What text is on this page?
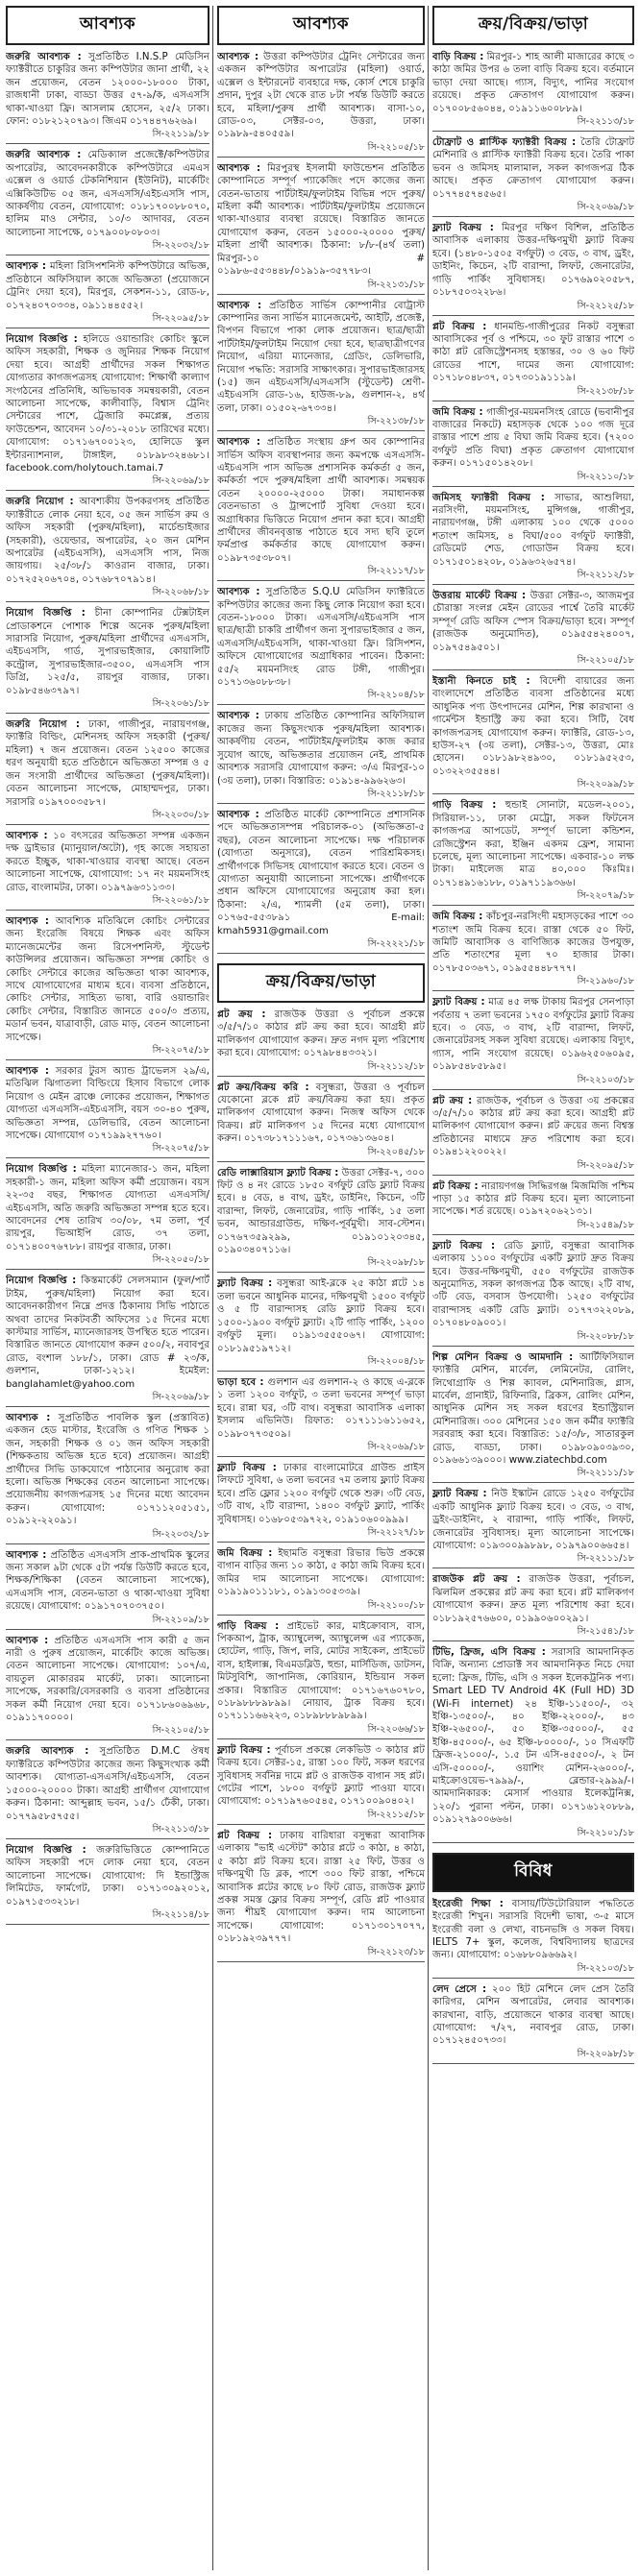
আবশ্যক

জরুরি আবশ্যক : সুপ্রতিষ্ঠিত I.N.S.P মেডিসিন ফ্যাক্টরীতে চাকুরির জন্য কম্পিউটার জানা প্রার্থী, ২২ জন প্রয়োজন, বেতন ১২০০০-১৮০০০ টাকা, রাজধানী ঢাকা, বাড্ডা উত্তর ৫৭-৯/ক, এসএসসি থাকা-খাওয়া ফ্রি। আসলাম হোসেন, ২৫/২ ঢাকা। ফোন: ০১৮২১২০৭৯৩। জিএম ০১৭৪৪৭৬২৬৯।

সি-২২১১৯/১৮

জরুরি আবশ্যক : মেডিক্যাল প্রজেক্টে/কম্পিউটার অপারেটর, আবেদনকারীকে কম্পিউটারে এমএস এক্সেল ও ওয়ার্ড টেকনিশিয়ান (ইউনিট), মার্কেটিং এক্সিকিউটিভ ০৫ জন, এসএসসি/এইচএসসি পাস, আকর্ষণীয় বেতন, যোগাযোগ: ০১৮১৭০০৮৮০৭০, হালিম মাও সেন্টার, ১০/৩ আদাবর, বেতন আলোচনা সাপেক্ষে, ০১৭৯০০৮০৮০৩।

সি-২২০৩২/১৮

আবশ্যক : মহিলা রিসিপশনিস্ট কম্পিউটারে অভিজ্ঞ, প্রতিষ্ঠানে অফিসিয়াল কাজে অভিজ্ঞতা (প্রয়োজনে ট্রেনিং দেয়া হবে), মিরপুর, সেকশন-১১, রোড-৮, ০১৭২৪০৭০৩৩৪, ০৯১১৪৪৫৫২।

সি-২২০৯৫/১৮

নিয়োগ বিজ্ঞপ্তি : হলিডে ওয়ান্ডারিং কোচিং স্কুলে অফিস সহকারী, শিক্ষক ও জুনিয়র শিক্ষক নিয়োগ দেয়া হবে। আগ্রহী প্রার্থীদের সকল শিক্ষাগত যোগ্যতার কাগজপত্রসহ যোগাযোগ: শিক্ষার্থী কাল্যাণ সংগঠনের প্রতিনিধি, অভিভাবক সমন্বয়কারী, বেতন আলোচনা সাপেক্ষে, কালীবাড়ি, বিশ্বাস ট্রেনিং সেন্টারের পাশে, ট্রেজারি কমপ্লেক্স, প্রত্যয় ফাউন্ডেশন, আবেদন ১০/৩১-২০১৮ তারিখের মধ্যে। যোগাযোগ: ০১৭১৬৭০০১২৩, হোলিডে স্কুল ইন্টারন্যাশনাল, টাঙ্গাইল, ০১৮৯৮৩২৪৬৮১। facebook.com/holytouch.tamai.7

সি-২২০৬৯/১৮

জরুরি নিয়োগ : আবশ্যকীয় উপকরণসহ প্রতিষ্ঠিত ফ্যাক্টরীতে লোক নেয়া হবে, ০৫ জন সার্ভিস রুম ও অফিস সহকারী (পুরুষ/মহিলা), মার্চেন্ডাইজার (সহকারী), ওয়েল্ডার, অপারেটর, ২০ জন মেশিন অপারেটর (এইচএসসি), এসএসসি পাস, নিজ জায়গায়। ২৫/৩৮/১ কাওরান বাজার, ঢাকা। ০১৭২৫২০৬৭০৪, ০১৭৬৮৭০৭৯১৪।

সি-২২০৬৮/১৮

নিয়োগ বিজ্ঞপ্তি : চীনা কোম্পানির টেক্সটাইল প্রোডাকশনে পোশাক শিল্পে অনেক পুরুষ/মহিলা সারাসরি নিয়োগ, পুরুষ/মহিলা প্রার্থীদের এসএসসি, এইচএসসি, গার্ড, সুপারভাইজার, কোয়ালিটি কন্ট্রোল, সুপারভাইজার-৩৫০০, এসএসসি পাস ডিগ্রি, ১২৫/৫, রায়পুর বাজার, ঢাকা। ০১৯৮৫৪৬৩৭৯৭।

সি-২২০৬১/১৮

জরুরি নিয়োগ : ঢাকা, গাজীপুর, নারায়ণগঞ্জ, ফ্যাক্টরি বিল্ডিং, মেশিনসহ অফিস সহকারী (পুরুষ/মহিলা) ৭ জন প্রয়োজন। বেতন ১২৫০০ কাজের ধরণ অনুযায়ী হতে প্রতিষ্ঠানে অভিজ্ঞতা সম্পন্ন ও ৫ জন সংসারী প্রার্থীদের অভিজ্ঞতা (পুরুষ/মহিলা)। বেতন আলোচনা সাপেক্ষে, মোহাম্মদপুর, ঢাকা। সরাসরি ০১৯৭০০৩৫৮৭।

সি-২২০৩০/১৮

আবশ্যক : ১০ বৎসরের অভিজ্ঞতা সম্পন্ন একজন দক্ষ ড্রাইভার (ম্যানুয়াল/অটো), গৃহ কাজে সহায়তা করতে ইচ্ছুক, থাকা-খাওয়ার ব্যবস্থা আছে। বেতন আলোচনা সাপেক্ষে, যোগাযোগ: ১৭ নং ময়মনসিংহ রোড, বাংলামটর, ঢাকা। ০১৯৭৯৬৩১১৩৩।

সি-২২০৬১/১৮

আবশ্যক : আবশ্যিক মতিঝিলে কোচিং সেন্টারের জন্য ইংরেজি বিষয়ে শিক্ষক এবং অফিস ম্যানেজমেন্টের জন্য রিসেপশনিস্ট, স্টুডেন্ট কাউন্সিলর প্রয়োজন। অভিজ্ঞতা সম্পন্ন কোচিং ও কোচিং সেন্টারে কাজের অভিজ্ঞতা থাকা আবশ্যক, সাথে যোগাযোগের মাধ্যম হবে। ব্যবসা প্রতিষ্ঠানে, কোচিং সেন্টার, সাহিত্য ভাষা, বারি ওয়ান্ডারিং কোচিং সেন্টার, বিস্তারিত জানতে ৫০০/৩ প্রত্যয়, মডার্ন ভবন, যাত্রাবাড়ী, রোড মাড়, বেতন আলোচনা সাপেক্ষে।

সি-২২০৭৫/১৮

আবশ্যক : সরকার টুরস অ্যান্ড ট্রাভেলস ২৯/এ, মতিঝিল ঝিগাতলা বিল্ডিংয়ে হিসাব বিভাগে লোক নিয়োগ ও মেইন ব্রাঞ্চে লোকের প্রয়োজন, শিক্ষাগত যোগ্যতা এসএসসি-এইচএসসি, বয়স ৩০-৪০ পুরুষ, অভিজ্ঞতা সম্পন্ন, ডেলিভারি, বেতন আলোচনা সাপেক্ষে। যোগাযোগ ০১৭১৯৯২৭৭৬০।

সি-২২০৭৫/১৮

নিয়োগ বিজ্ঞপ্তি : মহিলা ম্যানেজার-১ জন, মহিলা সহকারী-১ জন, মহিলা অফিস কর্মী প্রয়োজন। বয়স ২২-৩৫ বছর, শিক্ষাগত যোগ্যতা এসএসসি/এইচএসসি, অতি জরুরি অভিজ্ঞতা সম্পন্ন হতে হবে। আবেদনের শেষ তারিখ ৩০/০৮, ৭ম তলা, পূর্ব রায়পুর, ভিআইপি রোড, ৩৭ তলা, ০১৭১৪০০৭৬৭৮৮। রায়পুর বাজার, ঢাকা।

সি-২২০৫০/১৮

নিয়োগ বিজ্ঞপ্তি : কিস্তমার্কেট সেলসম্যান (ফুল/পার্ট টাইম, পুরুষ/মহিলা) নিয়োগ করা হবে। আবেদনকারীগণ নিম্নে প্রদত্ত ঠিকানায় সিভি পাঠাতে অথবা তাদের নিকটবর্তী অফিসের ১৫ দিনের মধ্যে কাস্টমার সার্ভিস, ম্যানেজারসহ উপস্থিত হতে পারেন। বিস্তারিত জানতে যোগাযোগ করুন ৫০০/২, নবাবপুর রোড, বংশাল ১৮৮/১, ঢাকা। রোড # ২৩/ক, গুলশান, ঢাকা-১২১২। ইমেইল: banglahamlet@yahoo.com

সি-২২০৬৯/১৮

আবশ্যক : সুপ্রতিষ্ঠিত পাবলিক স্কুল (প্রস্তাবিত) একজন হেড মাস্টার, ইংরেজি ও গণিত শিক্ষক ১ জন, সহকারী শিক্ষক ও ০১ জন অফিস সহকারী (শিক্ষকতায় অভিজ্ঞ হতে হবে) প্রয়োজন। আগ্রহী প্রার্থীদের সিভি ডাকযোগে পাঠানোর অনুরোধ করা হলো। অভিজ্ঞ শিক্ষকের বেতন আলোচনা সাপেক্ষে। প্রয়োজনীয় কাগজপত্রসহ ১৫ দিনের মধ্যে আবেদন করুন। যোগাযোগ: ০১৭১১২০৫১৫১, ০১৯১২-২২০৯১।

সি-২২০৩২/১৮

আবশ্যক : প্রতিষ্ঠিত এসএসসি প্রাক-প্রাথমিক স্কুলের জন্য সকাল ৯টা থেকে ৫টা পর্যন্ত ডিউটি করতে হবে, শিক্ষক/শিক্ষিকা (বেতন আলোচনা সাপেক্ষে), এসএসসি পাস, বেতন-ভাতা ও থাকা-খাওয়া সুবিধা রয়েছে। যোগাযোগ: ০১৯১৭০৭০৩৭৫০।

সি-২২১০৯/১৮

আবশ্যক : প্রতিষ্ঠিত এসএসসি পাস কারী ৫ জন নারী ও পুরুষ প্রয়োজন, মার্কেটিং কাজে অভিজ্ঞ। বেতন আলোচনা সাপেক্ষে। যোগাযোগ: ১০৭/এ, বায়তুল মোকাররম মার্কেট, ঢাকা। আলোচনা সাপেক্ষে, সরকারি/বেসরকারি ও ব্যবসা প্রতিষ্ঠানের সকল কর্মী নিয়োগ দেয়া হবে। ০১৭১৮৬০৬৯৬৮, ০১৯১১৭০০০০।

সি-২২১০৫/১৮

জরুরি আবশ্যক : সুপ্রতিষ্ঠিত D.M.C ঔষধ ফ্যাক্টরিতে কম্পিউটার কাজের জন্য কিছুসংখ্যক কর্মী আবশ্যক। যোগ্যতা-এসএসসি/এইচএসসি, বেতন ১৫০০০-২০০০০ টাকা। আগ্রহী প্রার্থীগণ যোগাযোগ করুন। ঠিকানা: আব্দুল্লাহ ভবন, ১৫/১ ঢেঁকী, ঢাকা। ০১৭৭৯৫৮৫৭৫৫।

সি-২২১১৩/১৮

নিয়োগ বিজ্ঞপ্তি : জরুরিভিত্তিতে কোম্পানিতে অফিস সহকারী পদে লোক নেয়া হবে, বেতন আলোচনা সাপেক্ষে। যোগাযোগ: দি ইন্ডাস্ট্রিজ লিমিটেড, ফার্মগেট, ঢাকা। ০১৭১৩০৯২০১২, ০১৯৭১৫৩৩২১৮।

সি-২২১১৪/১৮
আবশ্যক

আবশ্যক : উত্তরা কম্পিউটার ট্রেনিং সেন্টারের জন্য একজন কম্পিউটার অপারেটর (মহিলা) ওয়ার্ড, এক্সেল ও ইন্টারনেট ব্যবহারে দক্ষ, কোর্স শেষে চাকুরি প্রদান, দুপুর ২টা থেকে রাত ৮টা পর্যন্ত ডিউটি করতে হবে, মহিলা/পুরুষ প্রার্থী আবশ্যক। বাসা-১০, রোড-০৩, সেক্টর-০৩, উত্তরা, ঢাকা। ০১৯৮৯-৫৪০৫৫৯।

সি-২২১০৫/১৮

আবশ্যক : মিরপুরস্থ ইসলামী ফাউন্ডেশন প্রতিষ্ঠিত কোম্পানিতে সম্পূর্ণ প্যাকেজিং পদে কাজের জন্য বেতন-ভাতায় পার্টটাইম/ফুলটাইম বিভিন্ন পদে পুরুষ/মহিলা কর্মী আবশ্যক। পার্টটাইম/ফুলটাইম প্রয়োজনে থাকা-খাওয়ার ব্যবস্থা রয়েছে। বিস্তারিত জানতে যোগাযোগ করুন, বেতন ১৫০০০-২০০০০ পুরুষ/মহিলা প্রার্থী আবশ্যক। ঠিকানা: ৮/৮-(৪র্থ তলা) মিরপুর-১০ # ০১৯৮৬-৫৫৩৪৪৮/০১৯১৯-৩৫৭৭৮৩।

সি-২২১৩১/১৮

আবশ্যক : প্রতিষ্ঠিত সার্ভিস কোম্পানীর বোট্রাস্ট কোম্পানির জন্য সার্ভিস ম্যানেজমেন্ট, আইটি, প্রজেক্ট, বিপণন বিভাগে পাকা লোক প্রয়োজন। ছাত্র/ছাত্রী পার্টটাইম/ফুলটাইম নিয়োগ দেয়া হবে, ছাত্রছাত্রীগণের নিয়োগ, এরিয়া ম্যানেজার, গ্রেডিং, ডেলিভারি, নিয়োগ পদ্ধতি: সরাসরি সাক্ষাৎকার। সুপারভাইজারসহ (১৫) জন এইচএসসি/এসএসসি (স্টুডেন্ট) শ্রেণী-এইচএসসি রোড-১৬, হাউজ-৮৯, গুলশান-২, ৪র্থ তলা, ঢাকা। ০১৫০২-৬৭৩৩৪।

সি-২২১৩৮/১৮

আবশ্যক : প্রতিষ্ঠিত সংস্থায় গ্রুপ অব কোম্পানির সার্ভিস অফিস ব্যবস্থাপনার জন্য কমপক্ষে এসএসসি-এইচএসসি পাস অভিজ্ঞ প্রশাসনিক কর্মকর্তা ৫ জন, কর্মকর্তা পদে পুরুষ/মহিলা প্রার্থী আবশ্যক। সমন্বয়ক বেতন ২০০০০-২৫০০০ টাকা। সমাধানকল্প বেতনভাতা ও ট্রান্সপোর্ট সুবিধা দেওয়া হবে। অগ্রাধিকার ভিত্তিতে নিয়োগ প্রদান করা হবে। আগ্রহী প্রার্থীদের জীবনবৃত্তান্ত পাঠাতে হবে সদ্য ছবি তুলে ফর্মপ্রাপ্ত কর্মকর্তার কাছে যোগাযোগ করুন। ০১৯৮৭৩৫৩৮০৭।

সি-২২১১৭/১৮

আবশ্যক : সুপ্রতিষ্ঠিত S.Q.U মেডিসিন ফ্যাক্টরিতে কম্পিউটার কাজের জন্য কিছু লোক নিয়োগ করা হবে। বেতন-১৮০০০ টাকা। এসএসসি/এইচএসসি পাস ছাত্র/ছাত্রী চাকরি প্রার্থীগণ জন্য সুপারভাইজার ৫ জন, এসএসসি/এইচএসসি, থাকা-খাওয়া ফ্রি। রিসিপশন, অফিসে যোগাযোগের অগ্রাধিকার পাবেন। ঠিকানা: ৫৫/২ ময়মনসিংহ রোড টঙ্গী, গাজীপুর। ০১৭১৩৬০৮৮৩৮।

সি-২২১০৪/১৮

আবশ্যক : ঢাকায় প্রতিষ্ঠিত কোম্পানির অফিসিয়াল কাজের জন্য কিছুসংখ্যক পুরুষ/মহিলা আবশ্যক। আকর্ষণীয় বেতন, পার্টটাইম/ফুলটাইম কাজ করার সুযোগ আছে, অভিজ্ঞতার প্রয়োজন নেই, প্রাথমিক আবশ্যক সরাসরি যোগাযোগ করুন: ৩/এ মিরপুর-১০ (৩য় তলা), ঢাকা। বিস্তারিত: ০১৯১৪-৯৯৬২৬৩।

সি-২২১১৮/১৮

আবশ্যক : প্রতিষ্ঠিত মার্কেট কোম্পানিতে প্রশাসনিক পদে অভিজ্ঞতাসম্পন্ন পরিচালক-০১ (অভিজ্ঞতা-৫ বছর), বেতন আলোচনা সাপেক্ষে। দক্ষ পরিচালক (যোগ্যতা অনুসারে), বেতন পারিশ্রমিকসহ। প্রার্থীগণকে সিভিসহ যোগাযোগ করতে হবে। বেতন ও যোগ্যতা অনুযায়ী আলোচনা সাপেক্ষে। প্রার্থীগণকে প্রধান অফিসে যোগাযোগের অনুরোধ করা হল। ঠিকানা: ২/এ, শ্যামলী (৫ম তলা), ঢাকা। ০১৭৬৫-৫৫৩৮৯১	E-mail: kmah5931@gmail.com

সি-২২২২১/১৮
ক্রয়/বিক্রয়/ভাড়া

প্লট ক্রয় : রাজউক উত্তরা ও পূর্বাচল প্রকল্পে ৩/৫/৭/১০ কাঠার প্লট ক্রয় করা হবে। আগ্রহী প্লট মালিকগণ যোগাযোগ করুন। দ্রুত নগদ মূল্য পরিশোধ করা হবে। যোগাযোগ: ০১৭৯৮৪৪৩৩২১।

সি-২২১১২/১৮

প্লট ক্রয়/বিক্রয় করি : বসুন্ধরা, উত্তরা ও পূর্বাচল যেকোনো ব্লকে প্লট ক্রয়/বিক্রয় করা হয়। প্রকৃত মালিকগণ যোগাযোগ করুন। নিজস্ব অফিস থেকে বিক্রয়। প্লট মালিকগণ ১৫ দিনের মধ্যে যোগাযোগ করুন। ০১৭৩৮১৭১১১৬৭, ০১৭৩৬১৩৬০৪।

সি-২২০৪৫/১৮

রেডি লাক্সারিয়াস ফ্ল্যাট বিক্রয় : উত্তরা সেক্টর-৭, ৩০০ ফিট ও ৪ নং রোডে ১৮৫০ বর্গফুট রেডি ফ্ল্যাট বিক্রয় হবে। ৪ বেড, ৪ বাথ, ড্রইং, ডাইনিং, কিচেন, ৩টি বারান্দা, লিফট, জেনারেটর, গাড়ি পার্কিং, ১৫ তলা ভবন, আন্ডারগ্রাউন্ড, দক্ষিণ-পূর্বমুখী। সাব-স্টেশন। ০১৭৬৭৩৫৯২৯৯, ০১৯১০১২০৩৪৫, ০১৯০৩৪০৭১১৬।

সি-২২০৯৮/১৮

ফ্ল্যাট বিক্রয় : বসুন্ধরা আই-ব্লকে ২৫ কাঠা প্লটে ১৪ তলা ভবনে আধুনিক মানের, দক্ষিণমুখী ১৫০০ বর্গফুট ও ৫ টি বারান্দাসহ রেডি ফ্ল্যাট বিক্রয় হবে। ১৫০০-১৯০০ বর্গফুট ফ্ল্যাট। ২টি গাড়ি পার্কিং, ১২০০ বর্গফুট মূল্য। ০১৯১৩৫৫৫০৬৭। যোগাযোগ: ০১৮১৯৫১৯৭১২।

সি-২২০০৪/১৮

ভাড়া হবে : গুলশান এর গুলশান-২ ও কাছে এ-ব্লকে ১ তলা ১২০০ বর্গফুট, ৩ তলা ভবনের সম্পূর্ণ ভাড়া হবে। রান্না ঘর, ৩টি বাথ। বসুন্ধরা আবাসিক এলাকা ইসলাম এভিনিউ। রিফাত: ০১৭১১১৬১১৬৫২, ০১৯৮০৭৭৩৫০৯।

সি-২২০৬৯/১৮

ফ্ল্যাট বিক্রয় : ঢাকার বাংলামোটরে গ্রাউন্ড প্রাইস লিফটে সুবিধা, ৬ তলা ভবনের ৭ম তলায় ফ্ল্যাট বিক্রয় হবে। প্রতি ফ্লোর ১২০০ বর্গফুট থেকে শুরু। ৩টি বেড, ৩টি বাথ, ২টি বারান্দা, ১৪০০ বর্গফুট ফ্ল্যাট, পার্কিং সুবিধাসহ। ০১৬৮০৫৩৯৭২২, ০১৯১০৬০০৯৯৯।

সি-২২১২৭/১৮

জমি বিক্রয় : ইছামতি বসুন্ধরা রিভার ভিউ প্রকল্পে বাগান বাড়ির জন্য ১০ কাঠা, ৫ কাঠা জমি বিক্রয় হবে। জমির দাম আলোচনা সাপেক্ষে। যোগাযোগ: ০১৯১৯০১১১৮১, ০১৯১৩০৫৩৩৯।

সি-২২১০০/১৮

গাড়ি বিক্রয় : প্রাইভেট কার, মাইক্রোবাস, বাস, পিকআপ, ট্রাক, অ্যাম্বুলেন্স, অ্যাম্বুলেন্স এর প্যাকেজ, হোটেল, গাড়ি, জিপ, লরি, মোটর সাইকেল, প্রাইভেট বাস, হাইলাক্স, বিএমডব্লিউ, হুন্ডা, মার্সিডিজ, ডাটসন, মিটসুবিশি, জাপানিজ, কোরিয়ান, ইন্ডিয়ান সকল প্রকার। বিস্তারিত যোগাযোগ: ০১৭১৬৭৬০৭৮০, ০১৮৯৮৮৮৯৮৯৯। নোয়াব, ট্রাক বিক্রয় হবে। ০১৭১১১৬৬২২৩, ০১৮৯৮৮৮৯৮৯৯।

সি-২২০৬৬/১৮

ফ্ল্যাট বিক্রয় : পূর্বাচল প্রকল্পে লেকভিউ ৩ কাঠার প্লট বিক্রয় হবে। সেক্টর-১৫, রাস্তা ১০০ ফিট, সকল ধরণের সুবিধাসহ সর্বনিম্ন দামে প্লট ও রাজউক বাগান সহ প্লট। গেটের পাশে, ১৮০০ বর্গফুট ফ্ল্যাট পাওয়া যাবে। যোগাযোগ: ০১৭১৯৭৬০৫৪৫, ০১৭১০০৯০৪০২।

সি-২২১১৫/১৮

প্লট বিক্রয় : ঢাকায় বারিধারা বসুন্ধরা আবাসিক এলাকায় "ভাই এস্টেট" কাঠার প্লটে ৩ কাঠা, ৪ কাঠা, ৫ কাঠা প্লট বিক্রয় হবে। রাস্তা ২৫ ফিট, উত্তর ও দক্ষিণমুখী ডি ব্লক, পাশে ৩০০ ফিট রাস্তা, পশ্চিমে আবাসিক প্লটের কাছে ৮০ ফিট রোড, রাজউক ফ্ল্যাট প্রকল্প সমস্ত ফ্লোর বিক্রয় সম্পূর্ণ, রেডি প্লট পাওয়ার জন্য শীঘ্রই যোগাযোগ করুন। দাম আলোচনা সাপেক্ষে। যোগাযোগ: ০১৭১৩০১৭০৭৭, ০১৮১৯২৩৯৭৭৭।

সি-২২১২৩/১৮
ক্রয়/বিক্রয়/ভাড়া

বাড়ি বিক্রয় : মিরপুর-১ শাহ আলী মাজারের কাছে ৩ কাঠা জমির উপর ৬ তলা বাড়ি বিক্রয় হবে। বর্তমানে ভাড়া দেয়া আছে। গ্যাস, বিদ্যুৎ, পানির সংযোগ রয়েছে। প্রকৃত ক্রেতাগণ যোগাযোগ করুন। ০১৭০০৮৫৬০৪৪, ০১৯১১৬০০৮৮৯।

সি-২২১১৩/১৮

টোফ্রাট ও প্লাস্টিক ফ্যাক্টরী বিক্রয় : তৈরি টোফ্রাট মেশিনারি ও প্লাস্টিক ফ্যাক্টরী বিক্রয় হবে। তৈরি পাকা ভবন ও জমিসহ মালামাল, সকল কাগজপত্র ঠিক আছে। প্রকৃত ক্রেতাগণ যোগাযোগ করুন। ০১৭৭৪৫৭৪৫৬৫।

সি-২২০৬৯/১৮

ফ্ল্যাট বিক্রয় : মিরপুর দক্ষিণ বিশিল, প্রতিষ্ঠিত আবাসিক এলাকায় উত্তর-দক্ষিণমুখী ফ্ল্যাট বিক্রয় হবে। (১৪৮০-১৫০৫ বর্গফুট) ৩ বেড, ৩ বাথ, ড্রইং, ডাইনিং, কিচেন, ২টি বারান্দা, লিফট, জেনারেটর, গাড়ি পার্কিং সুবিধাসহ। ০১৭৬৯০২০৫৮৭, ০১৮৭৫০৩২২৮৬।

সি-২২১২৫/১৮

প্লট বিক্রয় : ধানমন্ডি-গাজীপুরের নিকট বসুন্ধরা আবাসিকের পূর্ব ও পশ্চিমে, ৩০ ফুট রাস্তার পাশে ৩ কাঠা প্লট রেজিস্ট্রেশনসহ হস্তান্তর, ৩০ ও ৬০ ফিট রোডের পাশে, দামের জন্য যোগাযোগ: ০১৭১৮০৪৮৩৭, ০১৭৩০১৯১১১৯।

সি-২২১৩৮/১৮

জমি বিক্রয় : গাজীপুর-ময়মনসিংহ রোডে (ভবানীপুর বাজারের নিকটে) মহাসড়ক থেকে ১০০ গজ দূরে রাস্তার পাশে প্রায় ৫ বিঘা জমি বিক্রয় হবে। (৭২০০ বর্গফুট প্রতি বিঘা) প্রকৃত ক্রেতাগণ যোগাযোগ করুন। ০১৭১৫০১৪২০৮।

সি-২২১১০/১৮

জমিসহ ফ্যাক্টরী বিক্রয় : সাভার, আশুলিয়া, নরসিংদী, ময়মনসিংহ, মুন্সিগঞ্জ, গাজীপুর, নারায়ণগঞ্জ, টঙ্গী এলাকায় ১০০ থেকে ৫০০০ শতাংশ জমিসহ, ৪ বিঘা/৫০০ বর্গফুট ফ্যাক্টরী, রেডিমেট শেড, গোডাউন বিক্রয় হবে। ০১৭১৫০১৪২০৮, ০১৯৬৩২৬৫৭৪।

সি-২২১১২/১৮

উত্তরায় মার্কেট বিক্রয় : উত্তরা সেক্টর-৩, আজমপুর চৌরাস্তা সংলগ্ন মেইন রোডের পার্শ্বে তৈরি মার্কেট সম্পূর্ণ রেডি অফিস স্পেস বিক্রয়/ভাড়া হবে। সম্পূর্ণ (রাজউক অনুমোদিত), ০১৯৫৫৪২৪০০৭, ০১৯৭৫৪৯৫০১।

সি-২২১০৫/১৮

ইস্তানী কিনতে চাই : বিদেশী বায়ারের জন্য বাংলাদেশে প্রতিষ্ঠিত ব্যবসা প্রতিষ্ঠানের মধ্যে আধুনিক পণ্য উৎপাদনের মেশিন, শিল্প কারখানা ও গার্মেন্টস ইন্ডাস্ট্রি ক্রয় করা হবে। সিটি, বৈধ কাগজপত্রসহ যোগাযোগ করুন। ফ্যাক্টরি, রোড-১৩, হাউস-২৭ (৩য় তলা), সেক্টর-১৩, উত্তরা, মোঃ হোসেন। ০১৮১৯৮২৪৯৩০, ০১৮১৯৫২৫৩, ০১৩২২৩৫৫৪৪।

সি-২২০৯৯/১৮

গাড়ি বিক্রয় : হুন্ডাই সোনাটা, মডেল-২০০১, সিরিয়াল-১১, ঢাকা মেট্রো, সকল ফিটনেস কাগজপত্র আপডেট, সম্পূর্ণ ভালো কন্ডিশন, রেজিস্ট্রেশন করা, ইঞ্জিন একদম ফ্রেশ, সামান্য চলেছে, মূল্য আলোচনা সাপেক্ষে। একবার-১০ লক্ষ টাকা। মাইলেজ মাত্র ৪০,০০০ কিঃমিঃ। ০১৭১৪৯১৬১৮৮, ০১৯৭১১৯৩৬৬।

সি-২২০৭৯/১৮

জমি বিক্রয় : কাঁচপুর-নরসিংদী মহাসড়কের পাশে ৩০ শতাংশ জমি বিক্রয় হবে। রাস্তা থেকে ৫০ ফিট, জমিটি আবাসিক ও বাণিজ্যিক কাজের উপযুক্ত, প্রতি শতাংশের মূল্য ৭০ হাজার টাকা। ০১৭৮৫০৩৬৭১, ০১৯৫৫৪৪৮৭৭৭।

সি-২১৯৬০/১৮

ফ্ল্যাট বিক্রয় : মাত্র ৪৫ লক্ষ টাকায় মিরপুর সেনপাড়া পর্বতায় ৭ তলা ভবনের ১৭৫০ বর্গফুটের ফ্ল্যাট বিক্রয় হবে। ৩ বেড, ৩ বাথ, ২টি বারান্দা, লিফট, জেনারেটরসহ সকল সুবিধা রয়েছে। এলাকায় বিদ্যুৎ, গ্যাস, পানি সংযোগ রয়েছে। ০১৯৬২৫০৬০৯৫, ০১৯৮৫৪৮৫৮৯৫।

সি-২২১০৩/১৮

প্লট ক্রয় : রাজউক, পূর্বাচল ও উত্তরা ৩য় প্রকল্পের ৩/৫/৭/১০ কাঠার প্লট ক্রয় করা হবে। আগ্রহী প্লট মালিকগণ যোগাযোগ করুন। প্লট ক্রয়ের জন্য বিশ্বস্ত প্রতিষ্ঠানের মাধ্যমে দ্রুত পরিশোধ করা হবে। ০১৯৪১২২০০২২।

সি-২২০৯৫/১৮

প্লট বিক্রয় : নারায়ণগঞ্জ সিদ্ধিরগঞ্জ মিজমিজি পশ্চিম পাড়া ১৫ কাঠার প্লট বিক্রয় হবে। মূল্য আলোচনা সাপেক্ষে। শর্ত রয়েছে। ০১৯৭২০৬২১৩১।

সি-২১৫৪৯/১৮

ফ্ল্যাট বিক্রয় : রেডি ফ্ল্যাট, বসুন্ধরা আবাসিক এলাকায় ১১০০ বর্গফুটের একটি ফ্ল্যাট দ্রুত বিক্রয় হবে। উত্তর-দক্ষিণমুখী, ৫৫০ বর্গফুটের রাজউক অনুমোদিত, সকল কাগজপত্র ঠিক আছে। ২টি বাথ, ৩টি বেড, বসবাস উপযোগী। ১২৫০ বর্গফুটের বারান্দাসহ একটি রেডি ফ্ল্যাট। ০১৭৭৩২২০৮৯, ০১৭০৪৮০৯০০১।

সি-২২০৮৮/১৮

শিল্প মেশিন বিক্রয় ও আমদানি : আর্টিফিসিয়াল ফ্যাক্টরি মেশিন, মার্বেল, লেমিনেটর, রোলিং, লিথোগ্রাফি ও শিল্প ক্যাবল, মেশিনারিজ, গ্লাস, মার্বেল, গ্রানাইট, রিফিনারি, ব্রিকস, রোলিং মেশিন, আধুনিক মেশিন সহ সকল ধরণের ইন্ডাস্ট্রিয়াল মেশিনারিজ। ৩০০ মেশিনের ১৫০ জন কর্মীর ফ্যাক্টরি সরবরাহ করা হবে। বিস্তারিত: ১৫/৩/৮, সাতারকুল রোড, বাড্ডা, ঢাকা। ০১৯৮০৯০৩৯৩০, ০১৯৬৬১৩৯০০০। www.ziatechbd.com

সি-২২১১১/১৮

ফ্ল্যাট বিক্রয় : নিউ ইস্কাটন রোডে ১২৫০ বর্গফুটের একটি আধুনিক ফ্ল্যাট বিক্রয় হবে। ৩ বেড, ৩ বাথ, ড্রইং-ডাইনিং, ২ বারান্দা, গাড়ি পার্কিং, লিফট, জেনারেটর সুবিধাসহ। মূল্য আলোচনা সাপেক্ষে। যোগাযোগ: ০১৯৩০০৯৯৮৯৮, ০১৯৭৯০০৬৬৫৪।

সি-২২১১১/১৮

রাজউক প্লট ক্রয় : রাজউক উত্তরা, পূর্বাচল, ঝিলমিল প্রকল্পের প্লট ক্রয় করা হবে। প্লট মালিকগণ যোগাযোগ করুন। দ্রুত মূল্য পরিশোধ করা হবে। ০১৮১৯২৫৭৬৬০০, ০১৯৯০৬০০২৯১।

সি-২১৫৪১/১৮

টিভি, ফ্রিজ, এসি বিক্রয় : সরাসরি আমদানিকৃত বিক্রি, অন্যান্য প্রোডাক্ট সব আমদানিকৃত নিচে দেয়া হলো: ফ্রিজ, টিভি, এসি ও সকল ইলেকট্রনিক পণ্য। Smart LED TV Android 4K (Full HD) 3D (Wi-Fi internet) ২৪ ইঞ্চি-১১৫০০/-, ৩২ ইঞ্চি-১৩৫০০/-, ৪০ ইঞ্চি-২২০০০/-, ৪৩ ইঞ্চি-২৬৫০০/-, ৫০ ইঞ্চি-৩৫০০০/-, ৫৫ ইঞ্চি-৪৫০০০/-, ৬৫ ইঞ্চি-৮০০০০/-, ১০ সিএফটি ফ্রিজ-২১০০০/-, ১.৫ টন এসি-৪৫৫০০/-, ২ টন এসি-৫০০০০/-, ওয়াশিং মেশিন-২৬০০০/-, মাইক্রোওয়েভ-৭৯৯৯/-, ব্লেন্ডার-২৯৯৯/-। আমদানিকারক: মেসার্স পাওয়ার ইলেকট্রনিক্স, ১২০/১ পুরানা পল্টন, ঢাকা। ০১৭১৬১২০৮৮৯, ০১৯১২৭৯০০৬৬৬।

সি-২২১০১/১৮
বিবিধ

ইংরেজী শিক্ষা : বাসায়/টিউটোরিয়াল পদ্ধতিতে ইংরেজী শিখুন। সরাসরি বিদেশী ভাষা, ৩-৫ মাসে ইংরেজী বলা ও লেখা, বাচনভঙ্গি ও সকল বিষয়। IELTS 7+ স্কুল, কলেজ, বিশ্ববিদ্যালয় ছাত্রদের জন্য। যোগাযোগ: ০১৬৮৮০৯৬৬৯২।

সি-২২১০৩/১৮

লেদ প্রেসে : ২০০ হিট মেশিনে লেদ প্রেস তৈরি কারিগর, মেশিন অপারেটর, লেবার আবশ্যক। কারখানা, বাড়ি, প্রয়োজনে থাকার ব্যবস্থা আছে। যোগাযোগ: ৭/২৭, নবাবপুর রোড, ঢাকা। ০১৭১২৪৫০৭৩৩।

সি-২২০৯৮/১৮
